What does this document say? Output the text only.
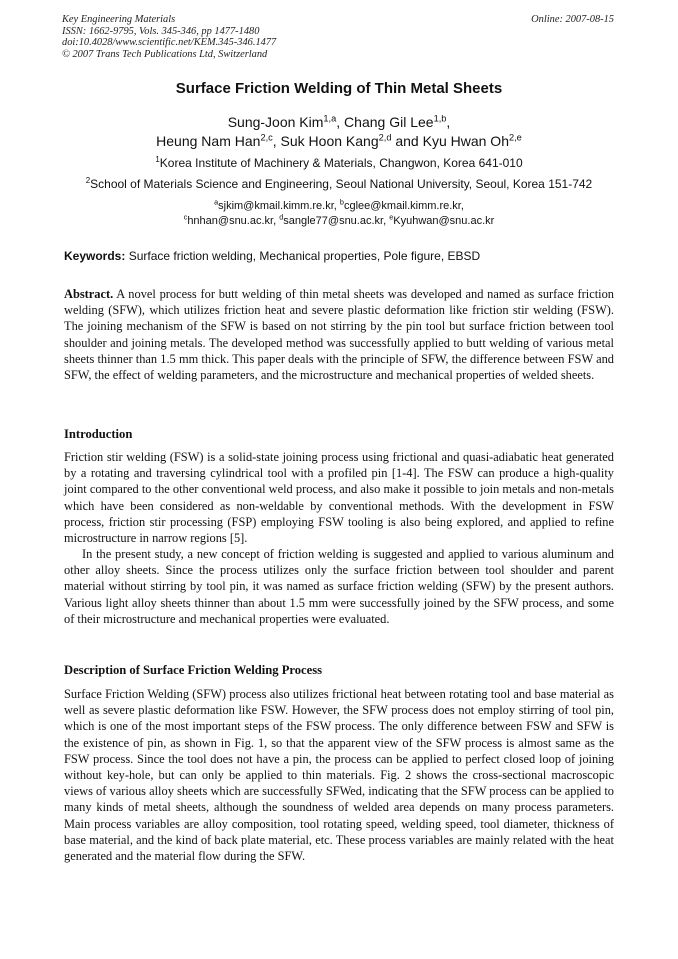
Key Engineering Materials
ISSN: 1662-9795, Vols. 345-346, pp 1477-1480
doi:10.4028/www.scientific.net/KEM.345-346.1477
© 2007 Trans Tech Publications Ltd, Switzerland
Online: 2007-08-15
Surface Friction Welding of Thin Metal Sheets
Sung-Joon Kim$^{1,a}$, Chang Gil Lee$^{1,b}$,
Heung Nam Han$^{2,c}$, Suk Hoon Kang$^{2,d}$ and Kyu Hwan Oh$^{2,e}$
$^1$Korea Institute of Machinery & Materials, Changwon, Korea 641-010
$^2$School of Materials Science and Engineering, Seoul National University, Seoul, Korea 151-742
$^a$sjkim@kmail.kimm.re.kr, $^b$cglee@kmail.kimm.re.kr,
$^c$hnhan@snu.ac.kr, $^d$sangle77@snu.ac.kr, $^e$Kyuhwan@snu.ac.kr
Keywords: Surface friction welding, Mechanical properties, Pole figure, EBSD

Abstract. A novel process for butt welding of thin metal sheets was developed and named as surface friction welding (SFW), which utilizes friction heat and severe plastic deformation like friction stir welding (FSW). The joining mechanism of the SFW is based on not stirring by the pin tool but surface friction between tool shoulder and joining metals. The developed method was successfully applied to butt welding of various metal sheets thinner than 1.5 mm thick. This paper deals with the principle of SFW, the difference between FSW and SFW, the effect of welding parameters, and the microstructure and mechanical properties of welded sheets.

Introduction

Friction stir welding (FSW) is a solid-state joining process using frictional and quasi-adiabatic heat generated by a rotating and traversing cylindrical tool with a profiled pin [1-4]. The FSW can produce a high-quality joint compared to the other conventional weld process, and also make it possible to join metals and non-metals which have been considered as non-weldable by conventional methods. With the development in FSW process, friction stir processing (FSP) employing FSW tooling is also being explored, and applied to refine microstructure in narrow regions [5].

In the present study, a new concept of friction welding is suggested and applied to various aluminum and other alloy sheets. Since the process utilizes only the surface friction between tool shoulder and parent material without stirring by tool pin, it was named as surface friction welding (SFW) by the present authors. Various light alloy sheets thinner than about 1.5 mm were successfully joined by the SFW process, and some of their microstructure and mechanical properties were evaluated.

Description of Surface Friction Welding Process

Surface Friction Welding (SFW) process also utilizes frictional heat between rotating tool and base material as well as severe plastic deformation like FSW. However, the SFW process does not employ stirring of tool pin, which is one of the most important steps of the FSW process. The only difference between FSW and SFW is the existence of pin, as shown in Fig. 1, so that the apparent view of the SFW process is almost same as the FSW process. Since the tool does not have a pin, the process can be applied to perfect closed loop of joining without key-hole, but can only be applied to thin materials. Fig. 2 shows the cross-sectional macroscopic views of various alloy sheets which are successfully SFWed, indicating that the SFW process can be applied to many kinds of metal sheets, although the soundness of welded area depends on many process parameters. Main process variables are alloy composition, tool rotating speed, welding speed, tool diameter, thickness of base material, and the kind of back plate material, etc. These process variables are mainly related with the heat generated and the material flow during the SFW.
